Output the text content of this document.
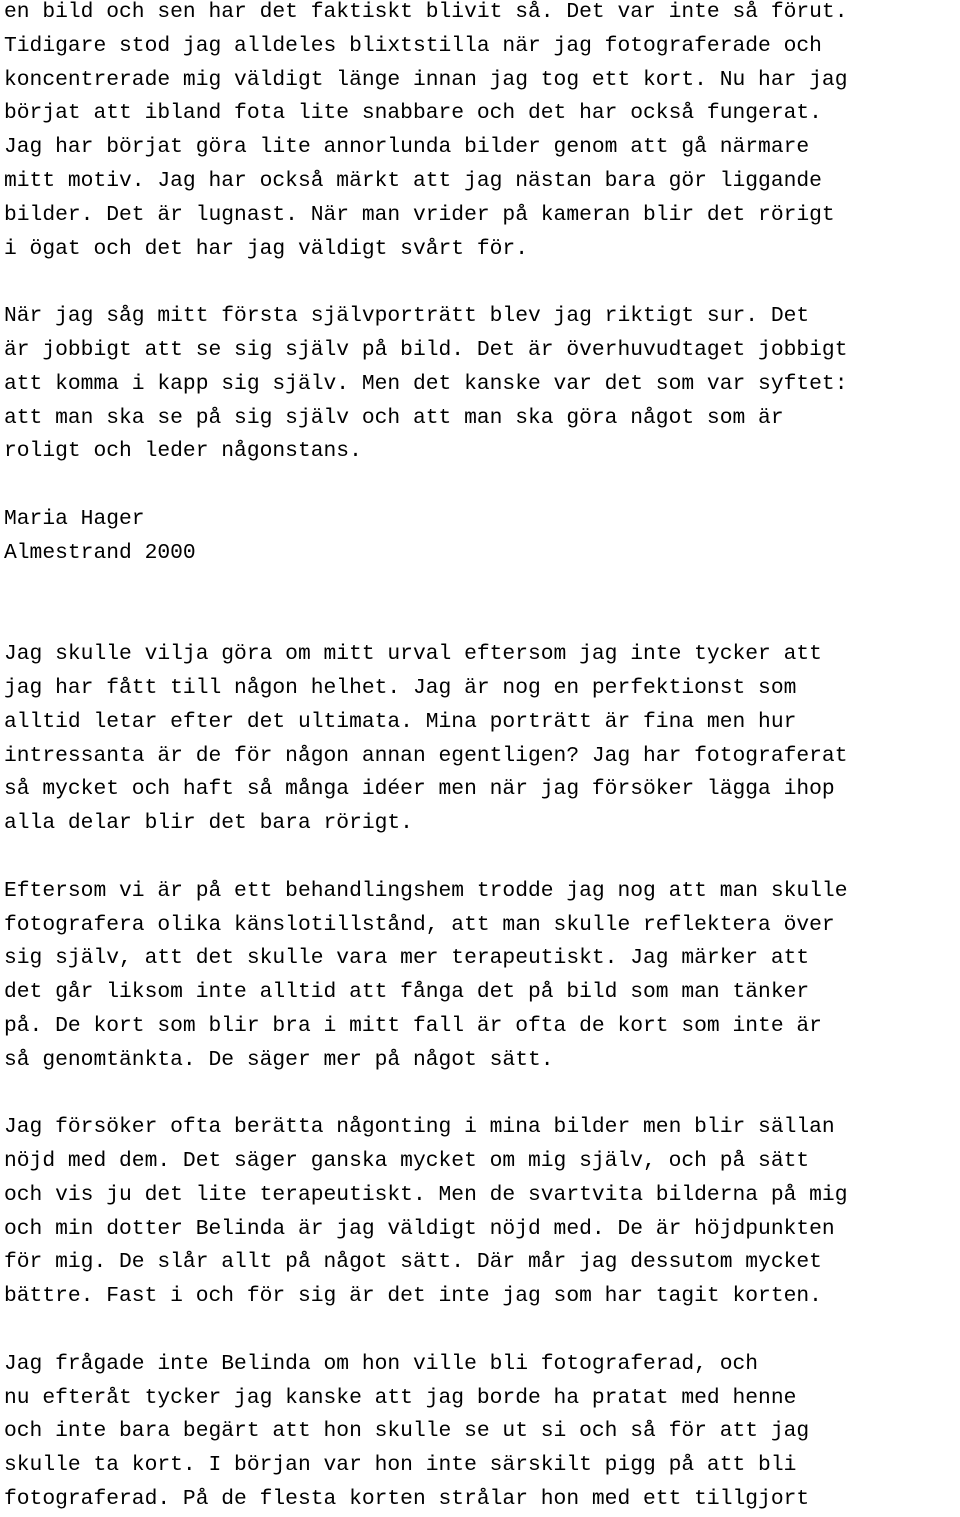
en bild och sen har det faktiskt blivit så. Det var inte så förut.
Tidigare stod jag alldeles blixtstilla när jag fotograferade och
koncentrerade mig väldigt länge innan jag tog ett kort. Nu har jag
börjat att ibland fota lite snabbare och det har också fungerat.
Jag har börjat göra lite annorlunda bilder genom att gå närmare
mitt motiv. Jag har också märkt att jag nästan bara gör liggande
bilder. Det är lugnast. När man vrider på kameran blir det rörigt
i ögat och det har jag väldigt svårt för.
När jag såg mitt första självporträtt blev jag riktigt sur. Det
är jobbigt att se sig själv på bild. Det är överhuvudtaget jobbigt
att komma i kapp sig själv. Men det kanske var det som var syftet:
att man ska se på sig själv och att man ska göra något som är
roligt och leder någonstans.
Maria Hager
Almestrand 2000
Jag skulle vilja göra om mitt urval eftersom jag inte tycker att
jag har fått till någon helhet. Jag är nog en perfektionst som
alltid letar efter det ultimata. Mina porträtt är fina men hur
intressanta är de för någon annan egentligen? Jag har fotograferat
så mycket och haft så många idéer men när jag försöker lägga ihop
alla delar blir det bara rörigt.
Eftersom vi är på ett behandlingshem trodde jag nog att man skulle
fotografera olika känslotillstånd, att man skulle reflektera över
sig själv, att det skulle vara mer terapeutiskt. Jag märker att
det går liksom inte alltid att fånga det på bild som man tänker
på. De kort som blir bra i mitt fall är ofta de kort som inte är
så genomtänkta. De säger mer på något sätt.
Jag försöker ofta berätta någonting i mina bilder men blir sällan
nöjd med dem. Det säger ganska mycket om mig själv, och på sätt
och vis ju det lite terapeutiskt. Men de svartvita bilderna på mig
och min dotter Belinda är jag väldigt nöjd med. De är höjdpunkten
för mig. De slår allt på något sätt. Där mår jag dessutom mycket
bättre. Fast i och för sig är det inte jag som har tagit korten.
Jag frågade inte Belinda om hon ville bli fotograferad, och
nu efteråt tycker jag kanske att jag borde ha pratat med henne
och inte bara begärt att hon skulle se ut si och så för att jag
skulle ta kort. I början var hon inte särskilt pigg på att bli
fotograferad. På de flesta korten strålar hon med ett tillgjort
